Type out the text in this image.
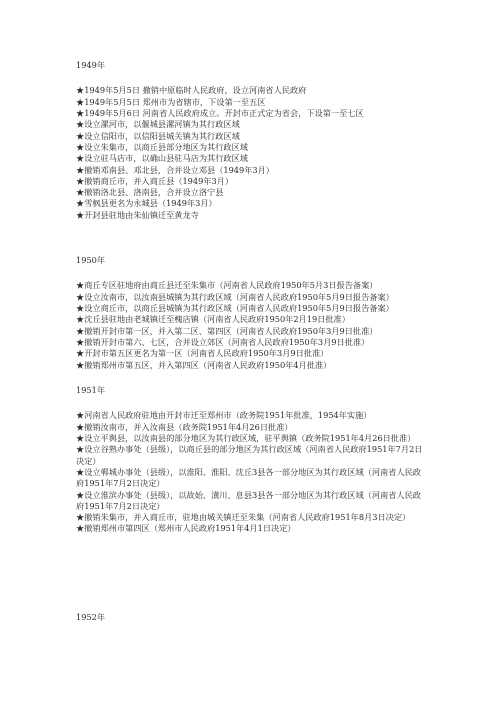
1949年

★1949年5月5日 撤销中原临时人民政府，设立河南省人民政府

★1949年5月5日 郑州市为省辖市，下设第一至五区

★1949年5月6日 河南省人民政府成立。开封市正式定为省会，下设第一至七区

★设立漯河市，以偃城县漯河镇为其行政区域

★设立信阳市，以信阳县城关镇为其行政区域

★设立朱集市，以商丘县部分地区为其行政区域

★设立驻马店市，以确山县驻马店为其行政区域

★撤销邓南县、邓北县，合并设立邓县（1949年3月）

★撤销商丘市，并入商丘县（1949年3月）

★撤销洛北县、洛南县，合并设立洛宁县

★雪枫县更名为永城县（1949年3月）

★开封县驻地由朱仙镇迁至黄龙寺

1950年

★商丘专区驻地府由商丘县迁至朱集市（河南省人民政府1950年5月3日报告备案）

★设立汝南市，以汝南县城镇为其行政区域（河南省人民政府1950年5月9日报告备案）

★设立商丘市，以商丘县城镇为其行政区域（河南省人民政府1950年5月9日报告备案）

★沈丘县驻地由老城镇迁至槐店镇（河南省人民政府1950年2月19日批准）

★撤销开封市第一区，并入第二区、第四区（河南省人民政府1950年3月9日批准）

★撤销开封市第六、七区，合并设立郊区（河南省人民政府1950年3月9日批准）

★开封市第五区更名为第一区（河南省人民政府1950年3月9日批准）

★撤销郑州市第五区，并入第四区（河南省人民政府1950年4月批准）

1951年

★河南省人民政府驻地由开封市迁至郑州市（政务院1951年批准，1954年实施）

★撤销汝南市，并入汝南县（政务院1951年4月26日批准）

★设立平舆县，以汝南县的部分地区为其行政区域，驻平舆镇（政务院1951年4月26日批准）

★设立谷熟办事处（县级），以商丘县的部分地区为其行政区域（河南省人民政府1951年7月2日决定）

★设立郸城办事处（县级），以淮阳、淮阳、沈丘3县各一部分地区为其行政区域（河南省人民政府1951年7月2日决定）

★设立淮滨办事处（县级），以故始、潢川、息县3县各一部分地区为其行政区域（河南省人民政府1951年7月2日决定）

★撤销朱集市，并入商丘市，驻地由城关镇迁至朱集（河南省人民政府1951年8月3日决定）

★撤销郑州市第四区（郑州市人民政府1951年4月1日决定）

1952年
